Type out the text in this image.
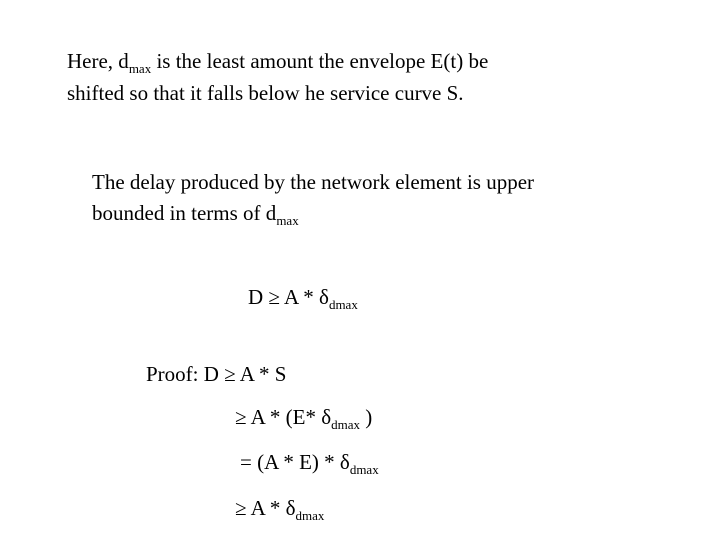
Here, $d_{max}$ is the least amount the envelope E(t) be
shifted so that it falls below he service curve S.
The delay produced by the network element is upper
bounded in terms of $d_{max}$
$D \ge A * \delta_{dmax}$
Proof: D ≥ A * S
≥ A * (E* $\delta_{dmax}$ )
= $(A * E) * \delta_{dmax}$
≥ A * $\delta_{dmax}$
